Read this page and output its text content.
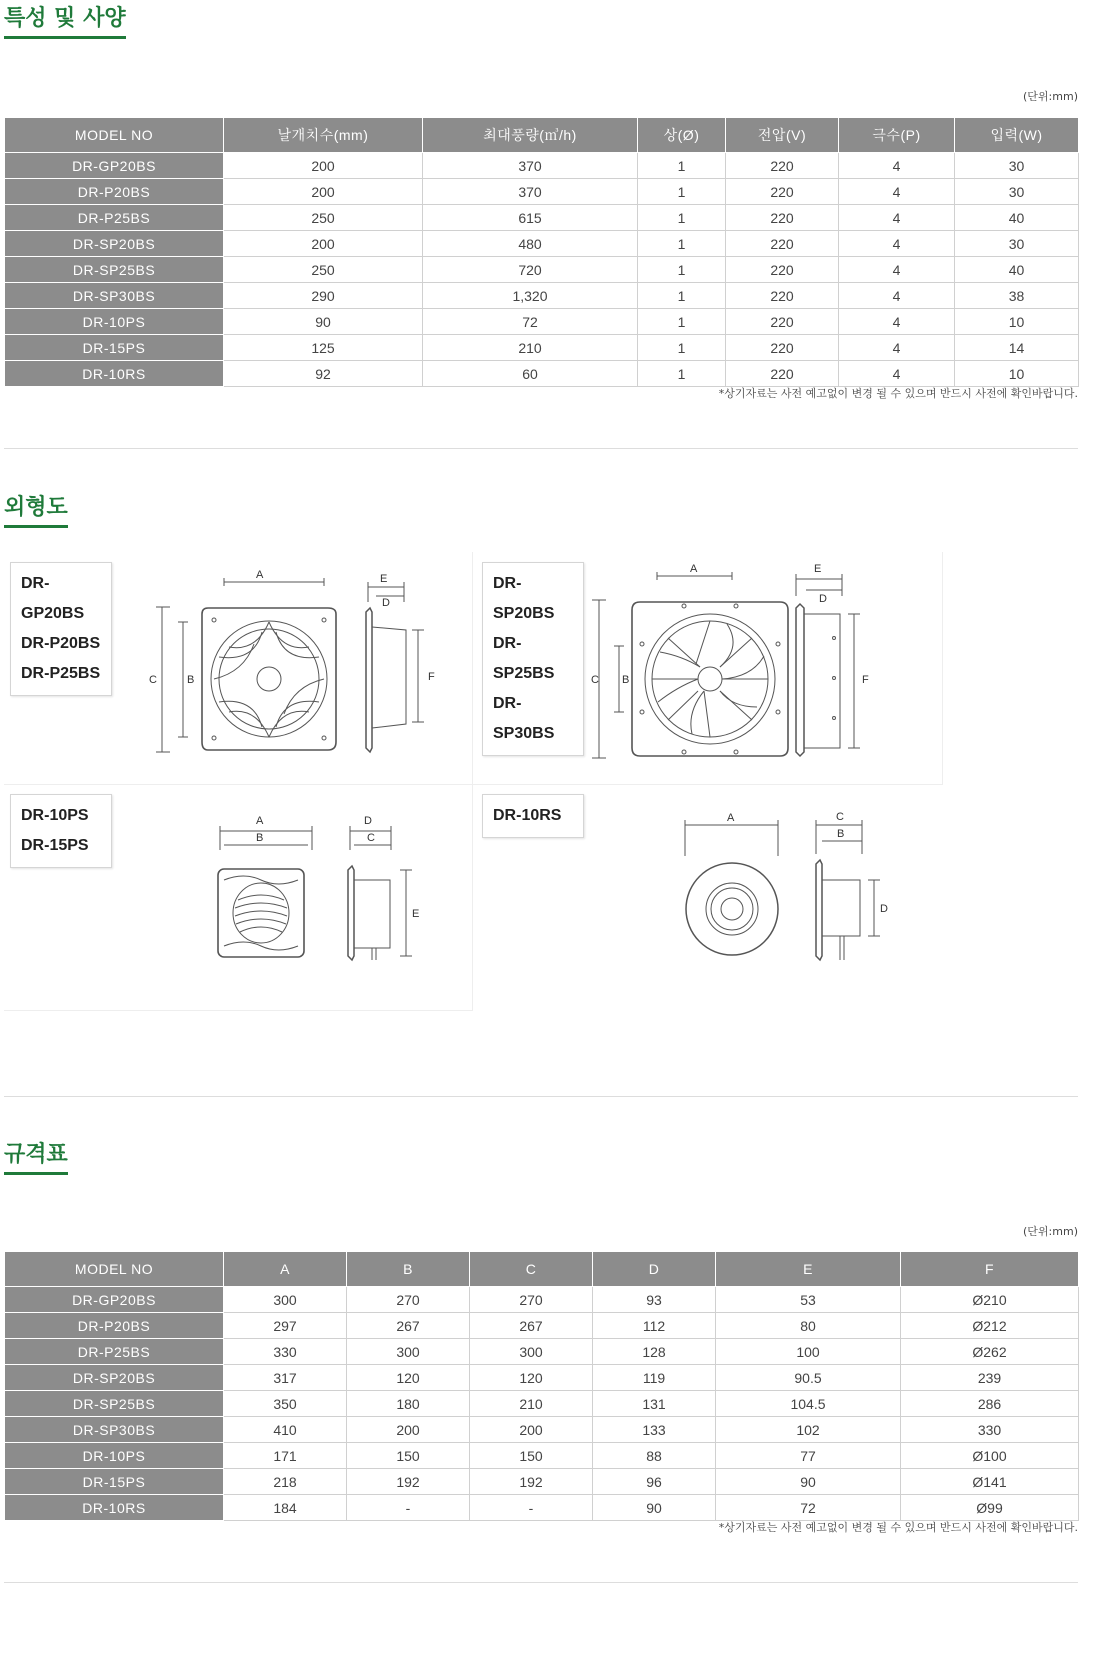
특성 및 사양
(단위:mm)
MODEL NO	날개치수(mm)	최대풍량(㎥/h)	상(Ø)	전압(V)	극수(P)	입력(W)
DR-GP20BS	200	370	1	220	4	30
DR-P20BS	200	370	1	220	4	30
DR-P25BS	250	615	1	220	4	40
DR-SP20BS	200	480	1	220	4	30
DR-SP25BS	250	720	1	220	4	40
DR-SP30BS	290	1,320	1	220	4	38
DR-10PS	90	72	1	220	4	10
DR-15PS	125	210	1	220	4	14
DR-10RS	92	60	1	220	4	10
*상기자료는 사전 예고없이 변경 될 수 있으며 반드시 사전에 확인바랍니다.
외형도
DR-GP20BS
DR-P20BS
DR-P25BS
A
B
C
D
E
F
DR-SP20BS
DR-SP25BS
DR-SP30BS
A
B
C
D
E
F
DR-10PS
DR-15PS
A
B	C
D
E
DR-10RS	A
B
C
D
규격표
(단위:mm)
MODEL NO	A	B	C	D	E	F
DR-GP20BS	300	270	270	93	53	Ø210
DR-P20BS	297	267	267	112	80	Ø212
DR-P25BS	330	300	300	128	100	Ø262
DR-SP20BS	317	120	120	119	90.5	239
DR-SP25BS	350	180	210	131	104.5	286
DR-SP30BS	410	200	200	133	102	330
DR-10PS	171	150	150	88	77	Ø100
DR-15PS	218	192	192	96	90	Ø141
DR-10RS	184	-	-	90	72	Ø99
*상기자료는 사전 예고없이 변경 될 수 있으며 반드시 사전에 확인바랍니다.
